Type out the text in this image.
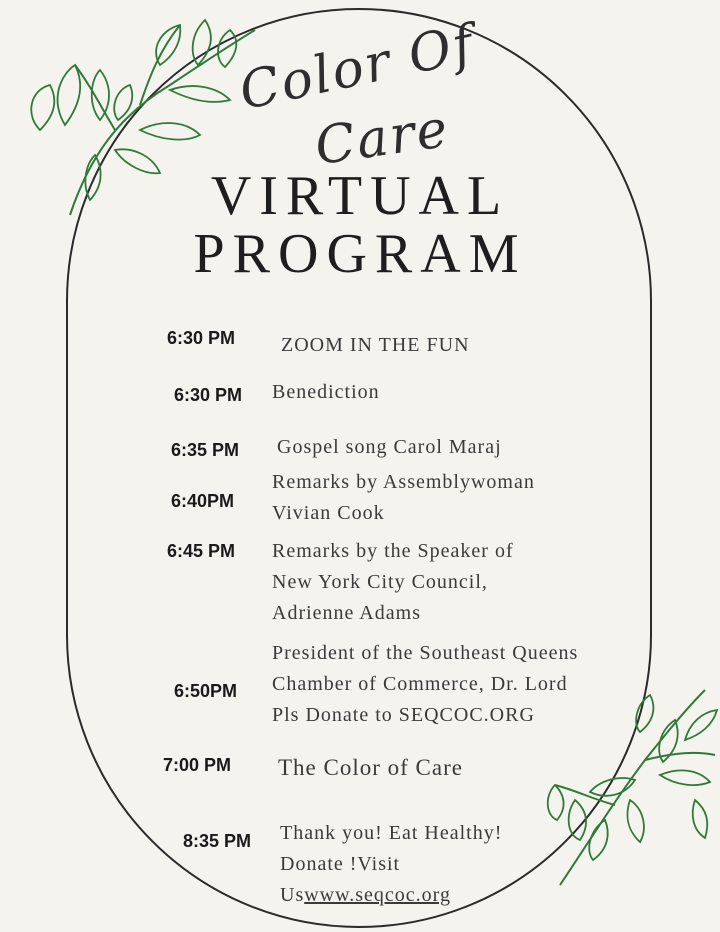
Color Of
Care
VIRTUAL
PROGRAM
6:30 PM ZOOM IN THE FUN
6:30 PM Benediction
6:35 PM Gospel song Carol Maraj
6:40PM
Remarks by Assemblywoman
Vivian Cook
6:45 PM Remarks by the Speaker of
New York City Council,
Adrienne Adams
6:50PM
President of the Southeast Queens
Chamber of Commerce, Dr. Lord
Pls Donate to SEQCOC.ORG
7:00 PM The Color of Care
8:35 PM Thank you! Eat Healthy!
Donate !Visit
Uswww.seqcoc.org
